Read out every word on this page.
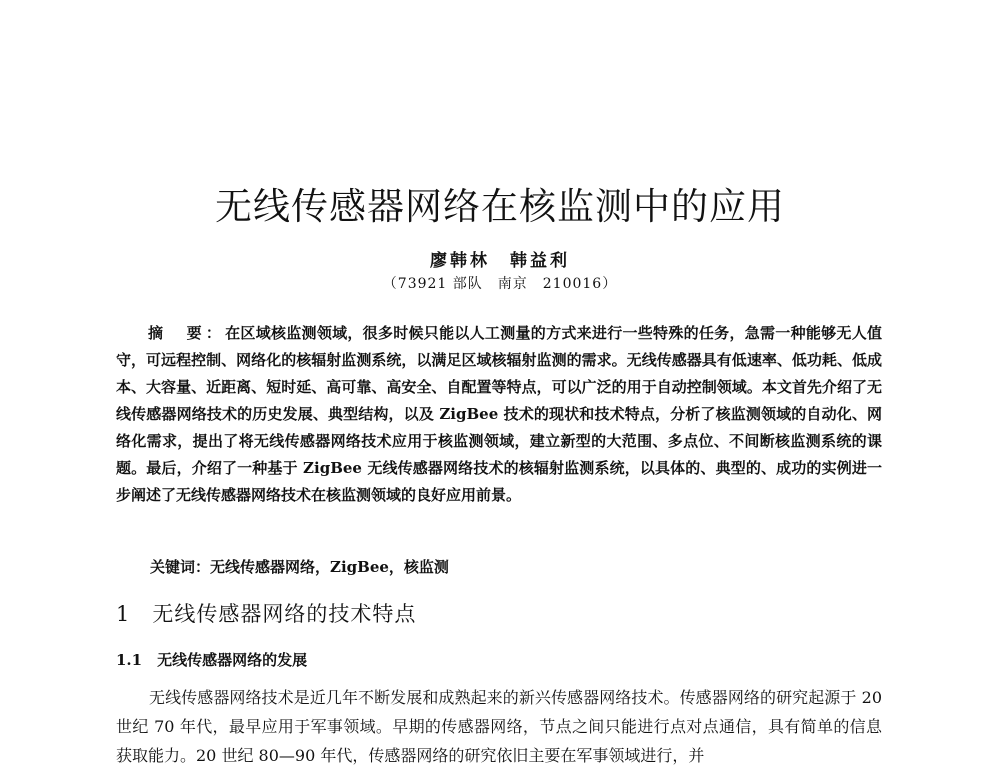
无线传感器网络在核监测中的应用
廖韩林　韩益利
（73921 部队　南京　210016）
摘　要：在区域核监测领域，很多时候只能以人工测量的方式来进行一些特殊的任务，急需一种能够无人值守，可远程控制、网络化的核辐射监测系统，以满足区域核辐射监测的需求。无线传感器具有低速率、低功耗、低成本、大容量、近距离、短时延、高可靠、高安全、自配置等特点，可以广泛的用于自动控制领域。本文首先介绍了无线传感器网络技术的历史发展、典型结构，以及 ZigBee 技术的现状和技术特点，分析了核监测领域的自动化、网络化需求，提出了将无线传感器网络技术应用于核监测领域，建立新型的大范围、多点位、不间断核监测系统的课题。最后，介绍了一种基于 ZigBee 无线传感器网络技术的核辐射监测系统，以具体的、典型的、成功的实例进一步阐述了无线传感器网络技术在核监测领域的良好应用前景。
关键词：无线传感器网络，ZigBee，核监测
1　无线传感器网络的技术特点
1.1　无线传感器网络的发展
无线传感器网络技术是近几年不断发展和成熟起来的新兴传感器网络技术。传感器网络的研究起源于 20 世纪 70 年代，最早应用于军事领域。早期的传感器网络，节点之间只能进行点对点通信，具有简单的信息获取能力。20 世纪 80—90 年代，传感器网络的研究依旧主要在军事领域进行，并
